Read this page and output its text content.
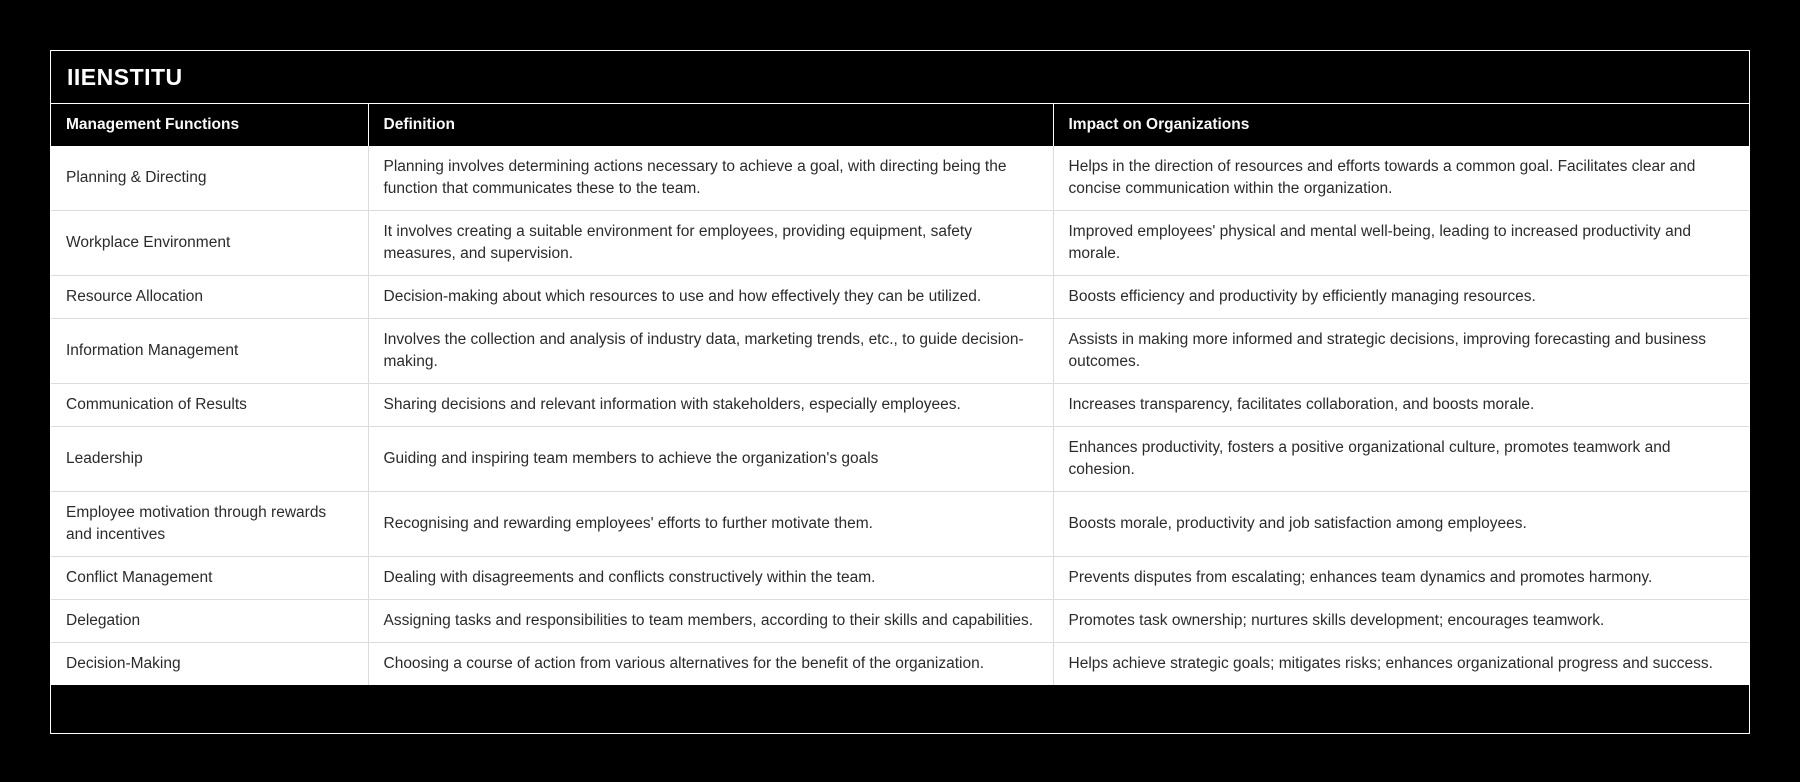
IIENSTITU
Management Functions	Definition	Impact on Organizations
Planning & Directing	Planning involves determining actions necessary to achieve a goal, with directing being the function that communicates these to the team.	Helps in the direction of resources and efforts towards a common goal. Facilitates clear and concise communication within the organization.
Workplace Environment	It involves creating a suitable environment for employees, providing equipment, safety measures, and supervision.	Improved employees' physical and mental well-being, leading to increased productivity and morale.
Resource Allocation	Decision-making about which resources to use and how effectively they can be utilized.	Boosts efficiency and productivity by efficiently managing resources.
Information Management	Involves the collection and analysis of industry data, marketing trends, etc., to guide decision-making.	Assists in making more informed and strategic decisions, improving forecasting and business outcomes.
Communication of Results	Sharing decisions and relevant information with stakeholders, especially employees.	Increases transparency, facilitates collaboration, and boosts morale.
Leadership	Guiding and inspiring team members to achieve the organization's goals	Enhances productivity, fosters a positive organizational culture, promotes teamwork and cohesion.
Employee motivation through rewards and incentives	Recognising and rewarding employees' efforts to further motivate them.	Boosts morale, productivity and job satisfaction among employees.
Conflict Management	Dealing with disagreements and conflicts constructively within the team.	Prevents disputes from escalating; enhances team dynamics and promotes harmony.
Delegation	Assigning tasks and responsibilities to team members, according to their skills and capabilities.	Promotes task ownership; nurtures skills development; encourages teamwork.
Decision-Making	Choosing a course of action from various alternatives for the benefit of the organization.	Helps achieve strategic goals; mitigates risks; enhances organizational progress and success.
